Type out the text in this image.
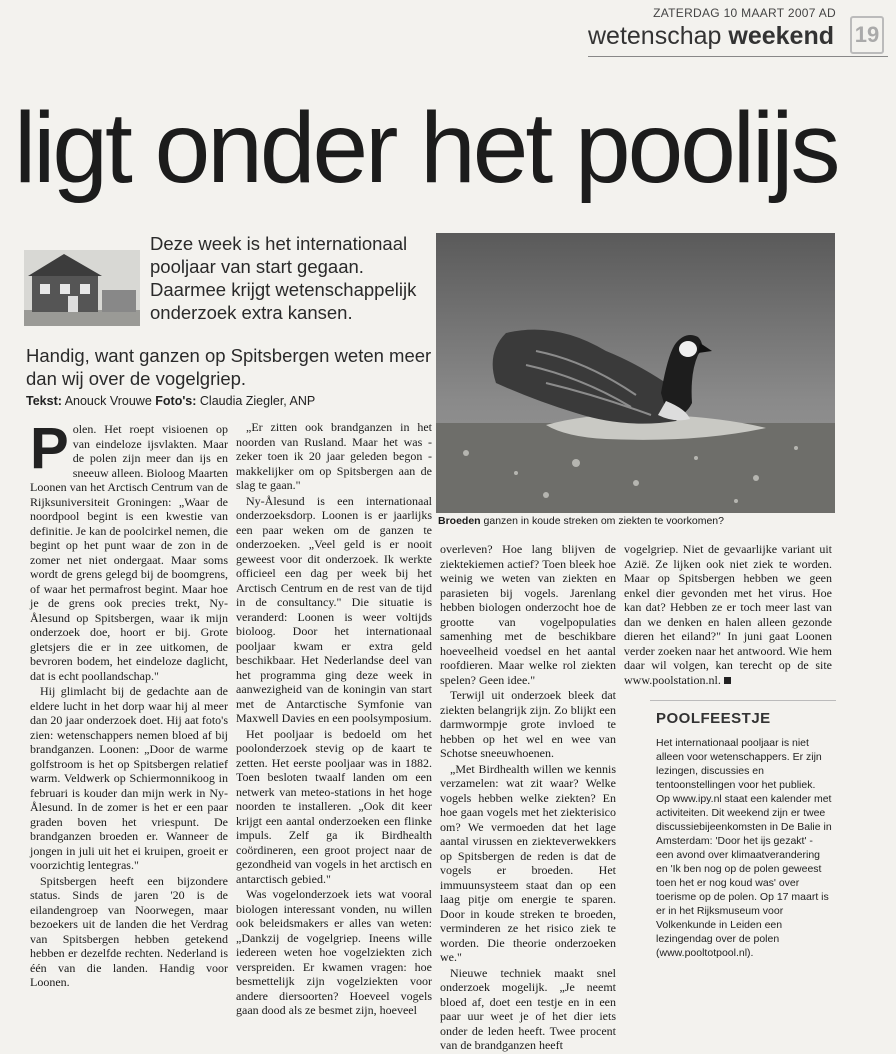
ZATERDAG 10 MAART 2007 AD
wetenschap weekend 19
ligt onder het poolijs
Deze week is het internationaal pooljaar van start gegaan. Daarmee krijgt wetenschappelijk onderzoek extra kansen.
Handig, want ganzen op Spitsbergen weten meer dan wij over de vogelgriep.
Tekst: Anouck Vrouwe Foto's: Claudia Ziegler, ANP
Broeden ganzen in koude streken om ziekten te voorkomen?

Polen. Het roept visioenen op van eindeloze ijsvlakten. Maar de polen zijn meer dan ijs en sneeuw alleen. Bioloog Maarten Loonen van het Arctisch Centrum van de Rijksuniversiteit Groningen: „Waar de noordpool begint is een kwestie van definitie. Je kan de poolcirkel nemen, die begint op het punt waar de zon in de zomer net niet ondergaat. Maar soms wordt de grens gelegd bij de boomgrens, of waar het permafrost begint. Maar hoe je de grens ook precies trekt, Ny-Ålesund op Spitsbergen, waar ik mijn onderzoek doe, hoort er bij. Grote gletsjers die er in zee uitkomen, de bevroren bodem, het eindeloze daglicht, dat is echt poollandschap."

Hij glimlacht bij de gedachte aan de eldere lucht in het dorp waar hij al meer dan 20 jaar onderzoek doet. Hij aat foto's zien: wetenschappers nemen bloed af bij brandganzen. Loonen: „Door de warme golfstroom is het op Spitsbergen relatief warm. Veldwerk op Schiermonnikoog in februari is kouder dan mijn werk in Ny-Ålesund. In de zomer is het er een paar graden boven het vriespunt. De brandganzen broeden er. Wanneer de jongen in juli uit het ei kruipen, groeit er voorzichtig lentegras."

Spitsbergen heeft een bijzondere status. Sinds de jaren '20 is de eilandengroep van Noorwegen, maar bezoekers uit de landen die het Verdrag van Spitsbergen hebben getekend hebben er dezelfde rechten. Nederland is één van die landen. Handig voor Loonen.

„Er zitten ook brandganzen in het noorden van Rusland. Maar het was - zeker toen ik 20 jaar geleden begon - makkelijker om op Spitsbergen aan de slag te gaan."

Ny-Ålesund is een internationaal onderzoeksdorp. Loonen is er jaarlijks een paar weken om de ganzen te onderzoeken. „Veel geld is er nooit geweest voor dit onderzoek. Ik werkte officieel een dag per week bij het Arctisch Centrum en de rest van de tijd in de consultancy." Die situatie is veranderd: Loonen is weer voltijds bioloog. Door het internationaal pooljaar kwam er extra geld beschikbaar. Het Nederlandse deel van het programma ging deze week in aanwezigheid van de koningin van start met de Antarctische Symfonie van Maxwell Davies en een poolsymposium.

Het pooljaar is bedoeld om het poolonderzoek stevig op de kaart te zetten. Het eerste pooljaar was in 1882. Toen besloten twaalf landen om een netwerk van meteo-stations in het hoge noorden te installeren. „Ook dit keer krijgt een aantal onderzoeken een flinke impuls. Zelf ga ik Birdhealth coördineren, een groot project naar de gezondheid van vogels in het arctisch en antarctisch gebied."

Was vogelonderzoek iets wat vooral biologen interessant vonden, nu willen ook beleidsmakers er alles van weten: „Dankzij de vogelgriep. Ineens wille iedereen weten hoe vogelziekten zich verspreiden. Er kwamen vragen: hoe besmettelijk zijn vogelziekten voor andere diersoorten? Hoeveel vogels gaan dood als ze besmet zijn, hoeveel

overleven? Hoe lang blijven de ziektekiemen actief? Toen bleek hoe weinig we weten van ziekten en parasieten bij vogels. Jarenlang hebben biologen onderzocht hoe de grootte van vogelpopulaties samenhing met de beschikbare hoeveelheid voedsel en het aantal roofdieren. Maar welke rol ziekten spelen? Geen idee."

Terwijl uit onderzoek bleek dat ziekten belangrijk zijn. Zo blijkt een darmwormpje grote invloed te hebben op het wel en wee van Schotse sneeuwhoenen.

„Met Birdhealth willen we kennis verzamelen: wat zit waar? Welke vogels hebben welke ziekten? En hoe gaan vogels met het ziekterisico om? We vermoeden dat het lage aantal virussen en ziekteverwekkers op Spitsbergen de reden is dat de vogels er broeden. Het immuunsysteem staat dan op een laag pitje om energie te sparen. Door in koude streken te broeden, verminderen ze het risico ziek te worden. Die theorie onderzoeken we."

Nieuwe techniek maakt snel onderzoek mogelijk. „Je neemt bloed af, doet een testje en in een paar uur weet je of het dier iets onder de leden heeft. Twee procent van de brandganzen heeft

vogelgriep. Niet de gevaarlijke variant uit Azië. Ze lijken ook niet ziek te worden. Maar op Spitsbergen hebben we geen enkel dier gevonden met het virus. Hoe kan dat? Hebben ze er toch meer last van dan we denken en halen alleen gezonde dieren het eiland?" In juni gaat Loonen verder zoeken naar het antwoord. Wie hem daar wil volgen, kan terecht op de site www.poolstation.nl.

POOLFEESTJE
Het internationaal pooljaar is niet alleen voor wetenschappers. Er zijn lezingen, discussies en tentoonstellingen voor het publiek. Op www.ipy.nl staat een kalender met activiteiten. Dit weekend zijn er twee discussiebijeenkomsten in De Balie in Amsterdam: 'Door het ijs gezakt' - een avond over klimaatverandering en 'Ik ben nog op de polen geweest toen het er nog koud was' over toerisme op de polen. Op 17 maart is er in het Rijksmuseum voor Volkenkunde in Leiden een lezingendag over de polen (www.pooltotpool.nl).
